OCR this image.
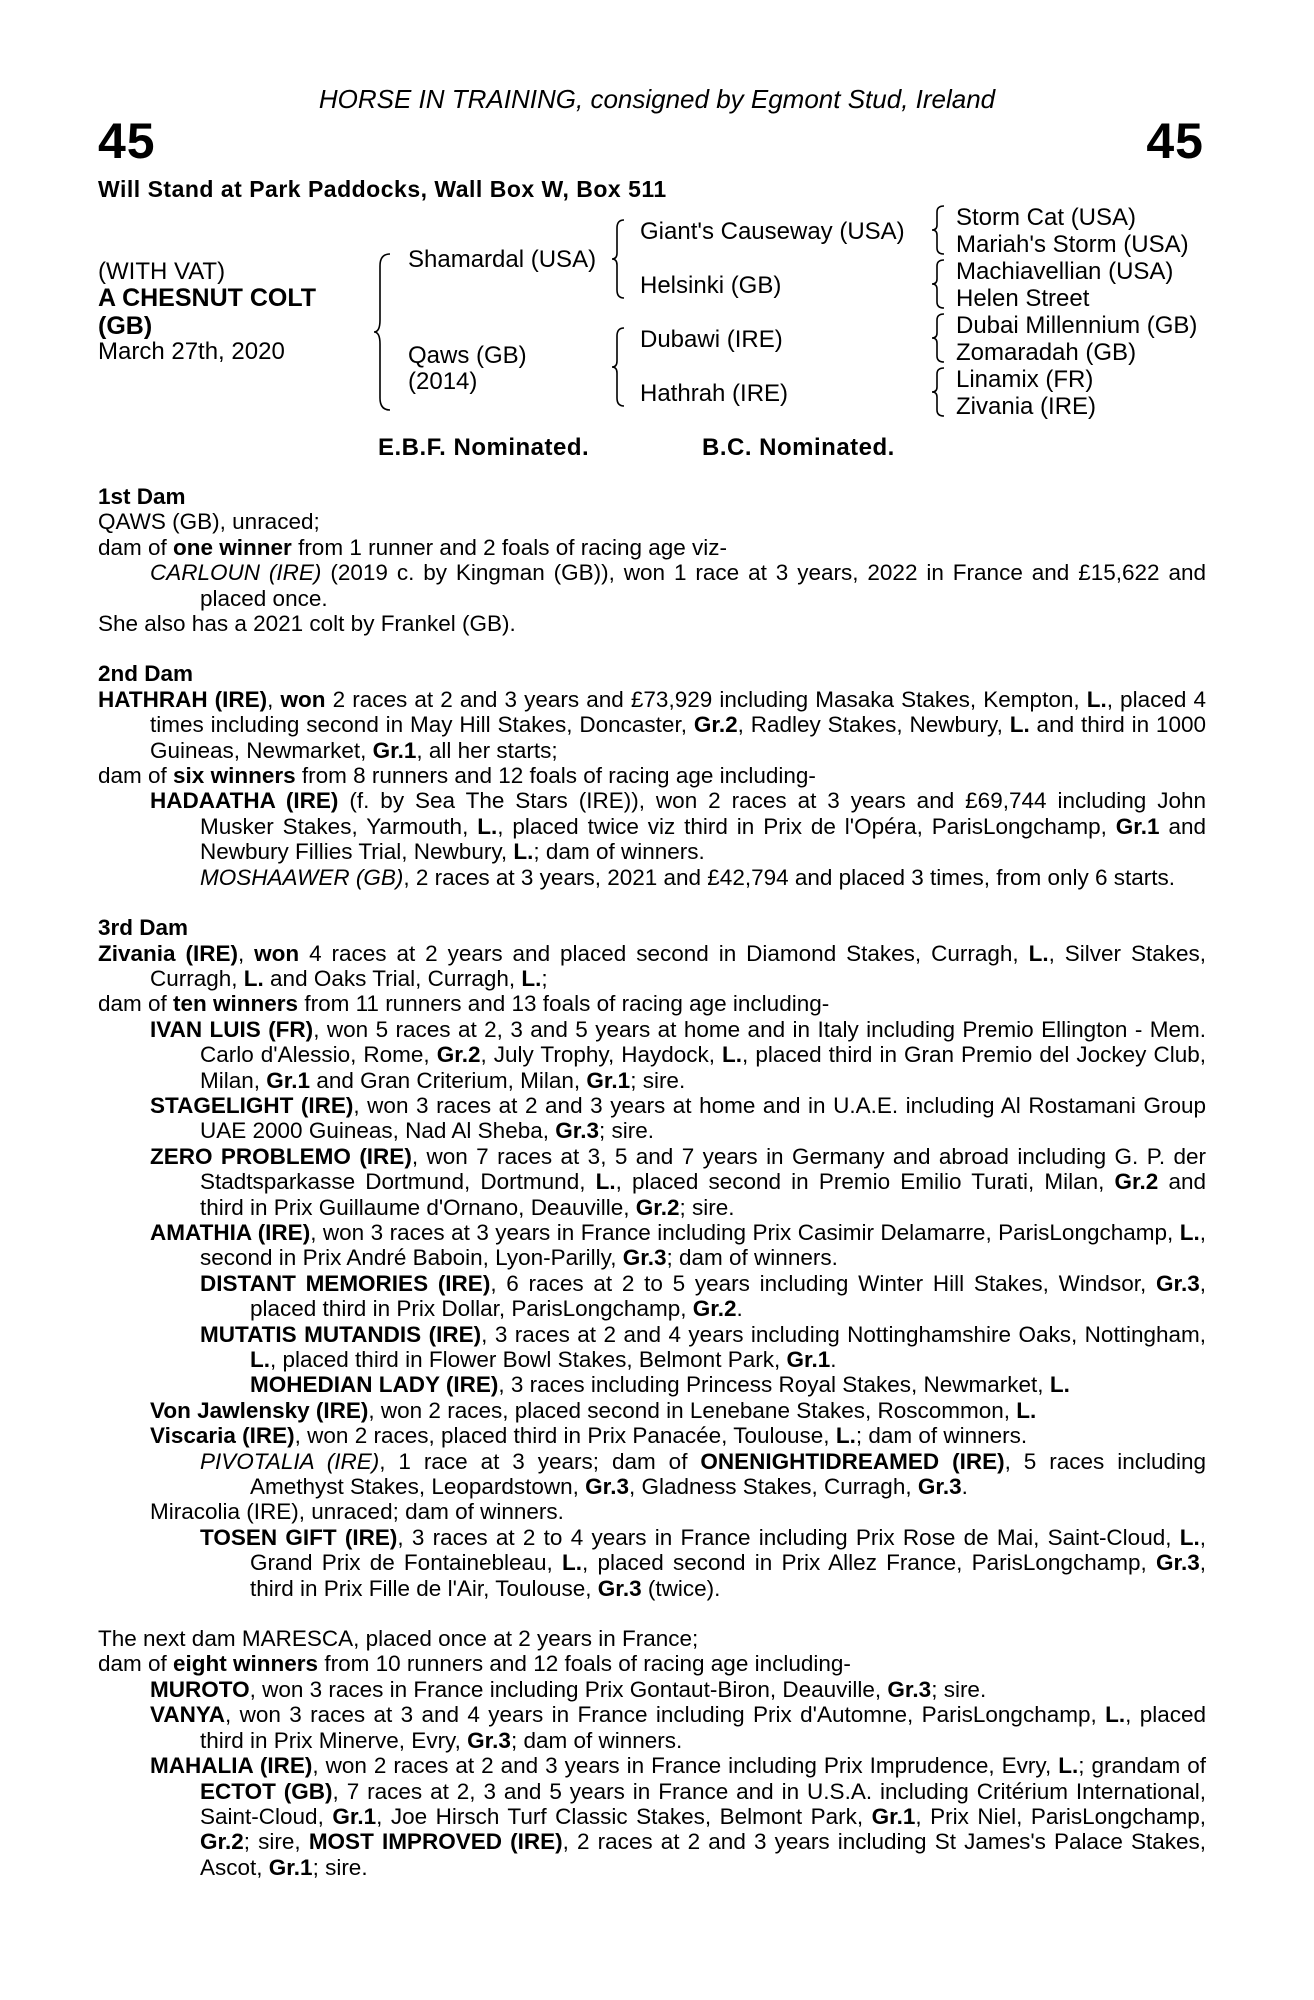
HORSE IN TRAINING, consigned by Egmont Stud, Ireland
45	45
Will Stand at Park Paddocks, Wall Box W, Box 511
(WITH VAT)
A CHESNUT COLT
(GB)
March 27th, 2020
Shamardal (USA)
Qaws (GB)
(2014)
Giant's Causeway (USA)
Helsinki (GB)
Dubawi (IRE)
Hathrah (IRE)
Storm Cat (USA)
Mariah's Storm (USA)
Machiavellian (USA)
Helen Street
Dubai Millennium (GB)
Zomaradah (GB)
Linamix (FR)
Zivania (IRE)
E.B.F. Nominated.	B.C. Nominated.

1st Dam

QAWS (GB), unraced;

dam of one winner from 1 runner and 2 foals of racing age viz-

CARLOUN (IRE) (2019 c. by Kingman (GB)), won 1 race at 3 years, 2022 in France and £15,622 and placed once.

She also has a 2021 colt by Frankel (GB).

2nd Dam

HATHRAH (IRE), won 2 races at 2 and 3 years and £73,929 including Masaka Stakes, Kempton, L., placed 4 times including second in May Hill Stakes, Doncaster, Gr.2, Radley Stakes, Newbury, L. and third in 1000 Guineas, Newmarket, Gr.1, all her starts;

dam of six winners from 8 runners and 12 foals of racing age including-

HADAATHA (IRE) (f. by Sea The Stars (IRE)), won 2 races at 3 years and £69,744 including John Musker Stakes, Yarmouth, L., placed twice viz third in Prix de l'Opéra, ParisLongchamp, Gr.1 and Newbury Fillies Trial, Newbury, L.; dam of winners.

MOSHAAWER (GB), 2 races at 3 years, 2021 and £42,794 and placed 3 times, from only 6 starts.

3rd Dam

Zivania (IRE), won 4 races at 2 years and placed second in Diamond Stakes, Curragh, L., Silver Stakes, Curragh, L. and Oaks Trial, Curragh, L.;

dam of ten winners from 11 runners and 13 foals of racing age including-

IVAN LUIS (FR), won 5 races at 2, 3 and 5 years at home and in Italy including Premio Ellington - Mem. Carlo d'Alessio, Rome, Gr.2, July Trophy, Haydock, L., placed third in Gran Premio del Jockey Club, Milan, Gr.1 and Gran Criterium, Milan, Gr.1; sire.

STAGELIGHT (IRE), won 3 races at 2 and 3 years at home and in U.A.E. including Al Rostamani Group UAE 2000 Guineas, Nad Al Sheba, Gr.3; sire.

ZERO PROBLEMO (IRE), won 7 races at 3, 5 and 7 years in Germany and abroad including G. P. der Stadtsparkasse Dortmund, Dortmund, L., placed second in Premio Emilio Turati, Milan, Gr.2 and third in Prix Guillaume d'Ornano, Deauville, Gr.2; sire.

AMATHIA (IRE), won 3 races at 3 years in France including Prix Casimir Delamarre, ParisLongchamp, L., second in Prix André Baboin, Lyon-Parilly, Gr.3; dam of winners.

DISTANT MEMORIES (IRE), 6 races at 2 to 5 years including Winter Hill Stakes, Windsor, Gr.3, placed third in Prix Dollar, ParisLongchamp, Gr.2.

MUTATIS MUTANDIS (IRE), 3 races at 2 and 4 years including Nottinghamshire Oaks, Nottingham, L., placed third in Flower Bowl Stakes, Belmont Park, Gr.1.

MOHEDIAN LADY (IRE), 3 races including Princess Royal Stakes, Newmarket, L.

Von Jawlensky (IRE), won 2 races, placed second in Lenebane Stakes, Roscommon, L.

Viscaria (IRE), won 2 races, placed third in Prix Panacée, Toulouse, L.; dam of winners.

PIVOTALIA (IRE), 1 race at 3 years; dam of ONENIGHTIDREAMED (IRE), 5 races including Amethyst Stakes, Leopardstown, Gr.3, Gladness Stakes, Curragh, Gr.3.

Miracolia (IRE), unraced; dam of winners.

TOSEN GIFT (IRE), 3 races at 2 to 4 years in France including Prix Rose de Mai, Saint-Cloud, L., Grand Prix de Fontainebleau, L., placed second in Prix Allez France, ParisLongchamp, Gr.3, third in Prix Fille de l'Air, Toulouse, Gr.3 (twice).

The next dam MARESCA, placed once at 2 years in France;

dam of eight winners from 10 runners and 12 foals of racing age including-

MUROTO, won 3 races in France including Prix Gontaut-Biron, Deauville, Gr.3; sire.

VANYA, won 3 races at 3 and 4 years in France including Prix d'Automne, ParisLongchamp, L., placed third in Prix Minerve, Evry, Gr.3; dam of winners.

MAHALIA (IRE), won 2 races at 2 and 3 years in France including Prix Imprudence, Evry, L.; grandam of ECTOT (GB), 7 races at 2, 3 and 5 years in France and in U.S.A. including Critérium International, Saint-Cloud, Gr.1, Joe Hirsch Turf Classic Stakes, Belmont Park, Gr.1, Prix Niel, ParisLongchamp, Gr.2; sire, MOST IMPROVED (IRE), 2 races at 2 and 3 years including St James's Palace Stakes, Ascot, Gr.1; sire.
